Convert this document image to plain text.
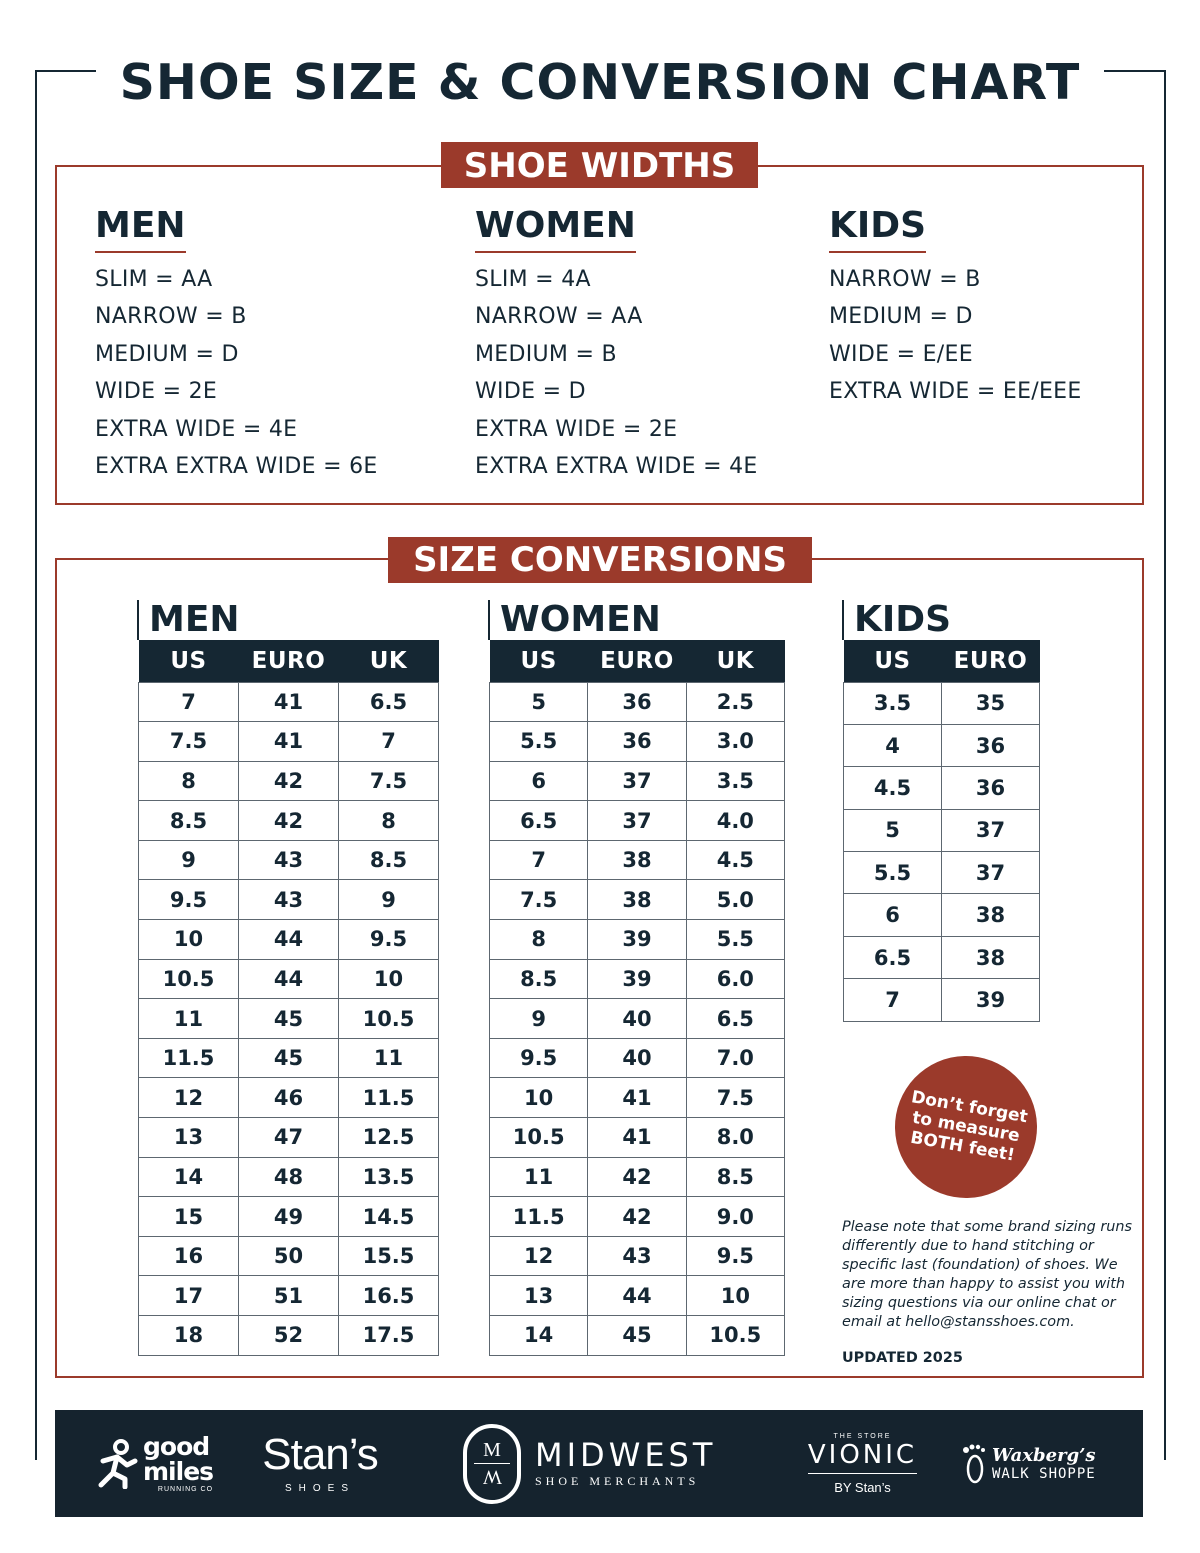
SHOE SIZE & CONVERSION CHART
SHOE WIDTHS
MEN
SLIM = AA
NARROW = B
MEDIUM = D
WIDE = 2E
EXTRA WIDE = 4E
EXTRA EXTRA WIDE = 6E
WOMEN
SLIM = 4A
NARROW = AA
MEDIUM = B
WIDE = D
EXTRA WIDE = 2E
EXTRA EXTRA WIDE = 4E
KIDS
NARROW = B
MEDIUM = D
WIDE = E/EE
EXTRA WIDE = EE/EEE
SIZE CONVERSIONS
MEN
US	EURO	UK
7	41	6.5
7.5	41	7
8	42	7.5
8.5	42	8
9	43	8.5
9.5	43	9
10	44	9.5
10.5	44	10
11	45	10.5
11.5	45	11
12	46	11.5
13	47	12.5
14	48	13.5
15	49	14.5
16	50	15.5
17	51	16.5
18	52	17.5
WOMEN
US	EURO	UK
5	36	2.5
5.5	36	3.0
6	37	3.5
6.5	37	4.0
7	38	4.5
7.5	38	5.0
8	39	5.5
8.5	39	6.0
9	40	6.5
9.5	40	7.0
10	41	7.5
10.5	41	8.0
11	42	8.5
11.5	42	9.0
12	43	9.5
13	44	10
14	45	10.5
KIDS
US	EURO
3.5	35
4	36
4.5	36
5	37
5.5	37
6	38
6.5	38
7	39
Don’t forget to measure BOTH feet!

Please note that some brand sizing runs differently due to hand stitching or specific last (foundation) of shoes. We are more than happy to assist you with sizing questions via our online chat or email at hello@stansshoes.com.

UPDATED 2025
good
miles
RUNNING CO
Stan’s
SHOES
M
W
MIDWEST
SHOE MERCHANTS
THE STORE
VIONIC
BY Stan’s
Waxberg’s
WALK SHOPPE
